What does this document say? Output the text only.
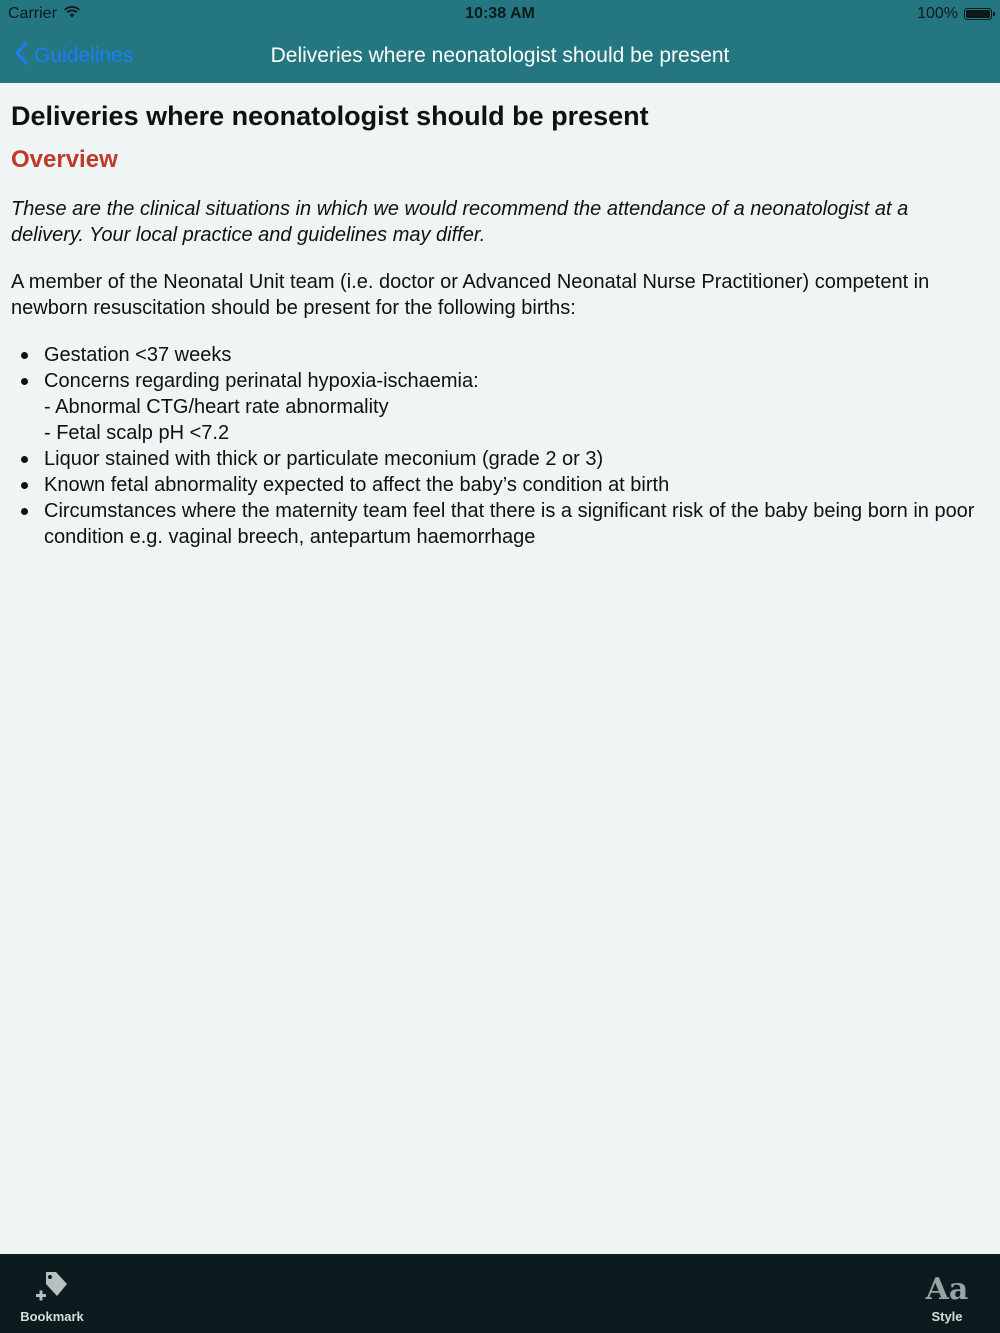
Carrier	10:38 AM	100%
Guidelines	Deliveries where neonatologist should be present
Deliveries where neonatologist should be present
Overview

These are the clinical situations in which we would recommend the attendance of a neonatologist at a delivery. Your local practice and guidelines may differ.

A member of the Neonatal Unit team (i.e. doctor or Advanced Neonatal Nurse Practitioner) competent in newborn resuscitation should be present for the following births:

Gestation <37 weeks
Concerns regarding perinatal hypoxia-ischaemia:
- Abnormal CTG/heart rate abnormality
- Fetal scalp pH <7.2
Liquor stained with thick or particulate meconium (grade 2 or 3)
Known fetal abnormality expected to affect the baby’s condition at birth
Circumstances where the maternity team feel that there is a significant risk of the baby being born in poor condition e.g. vaginal breech, antepartum haemorrhage
Bookmark
Aa
Style
